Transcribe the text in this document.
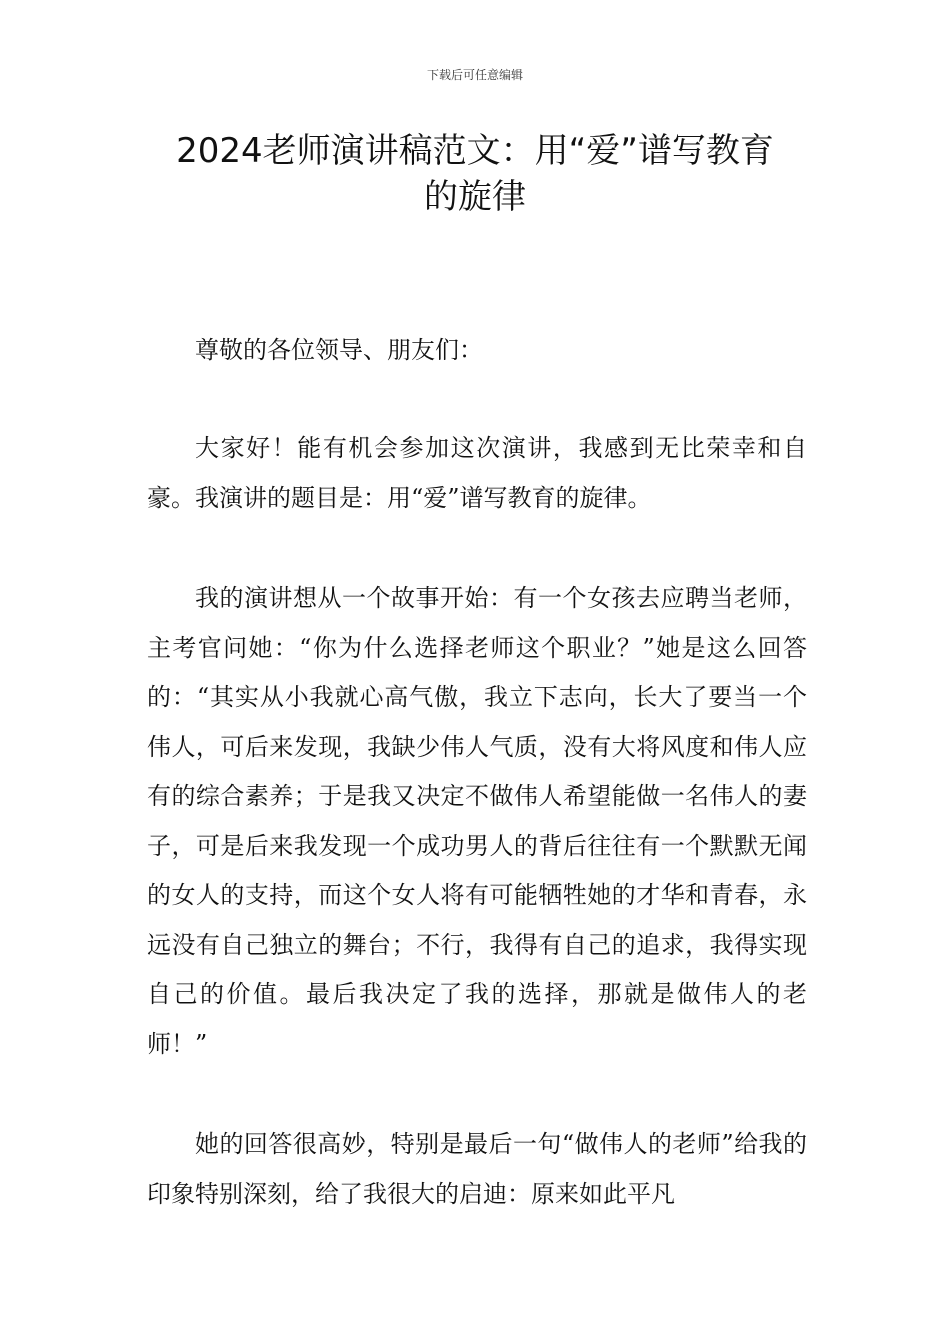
下载后可任意编辑
2024老师演讲稿范文：用“爱”谱写教育
的旋律

尊敬的各位领导、朋友们：

大家好！能有机会参加这次演讲，我感到无比荣幸和自豪。我演讲的题目是：用“爱”谱写教育的旋律。

我的演讲想从一个故事开始：有一个女孩去应聘当老师，主考官问她：“你为什么选择老师这个职业？”她是这么回答的：“其实从小我就心高气傲，我立下志向，长大了要当一个伟人，可后来发现，我缺少伟人气质，没有大将风度和伟人应有的综合素养；于是我又决定不做伟人希望能做一名伟人的妻子，可是后来我发现一个成功男人的背后往往有一个默默无闻的女人的支持，而这个女人将有可能牺牲她的才华和青春，永远没有自己独立的舞台；不行，我得有自己的追求，我得实现自己的价值。最后我决定了我的选择，那就是做伟人的老师！”

她的回答很高妙，特别是最后一句“做伟人的老师”给我的印象特别深刻，给了我很大的启迪：原来如此平凡
